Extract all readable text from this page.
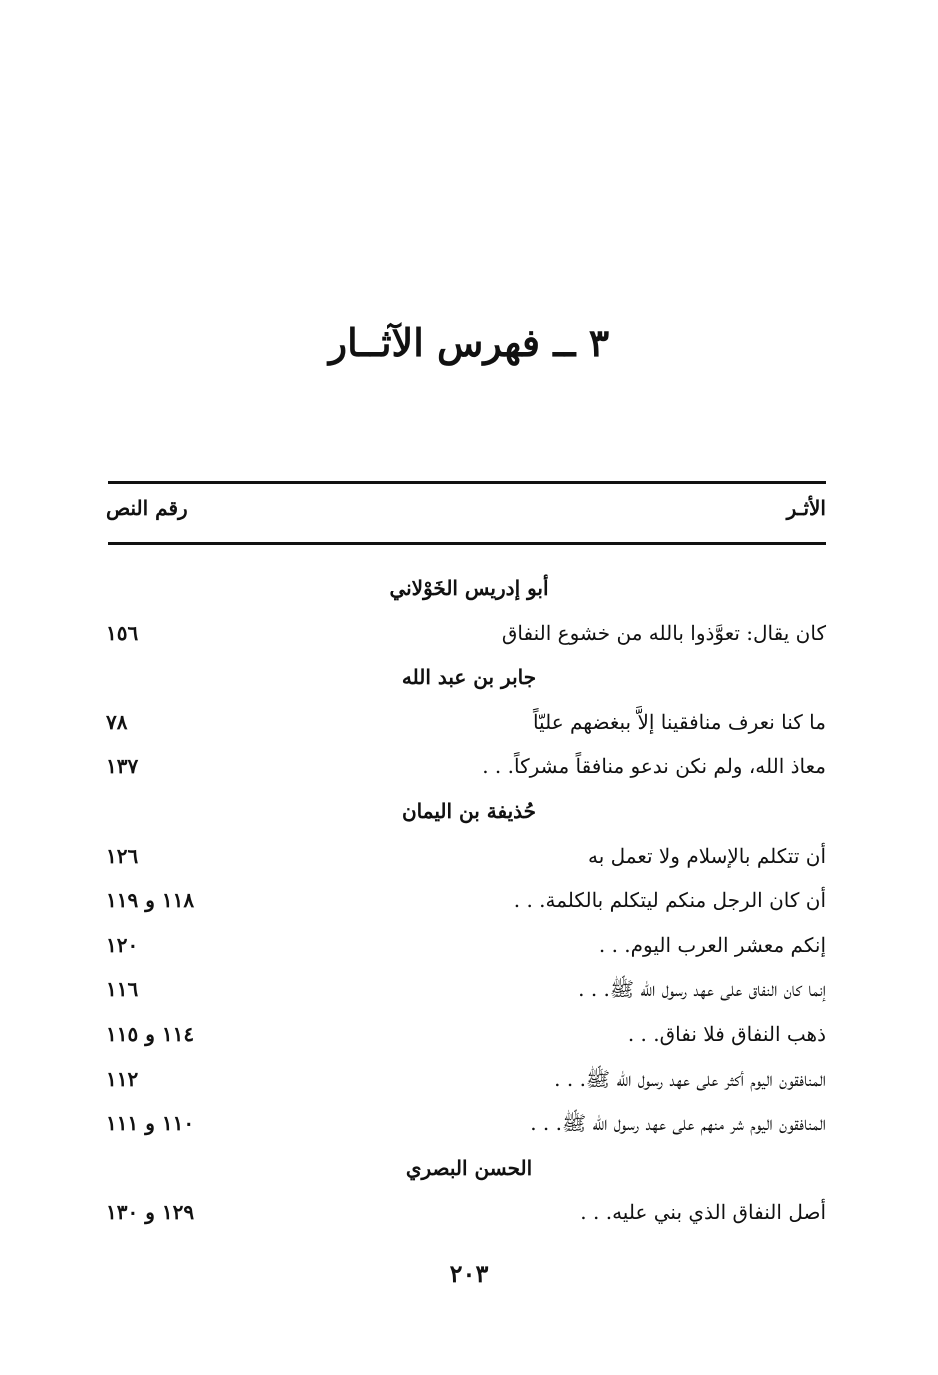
٣ ــ فهرس الآثــار
الأثـر
رقم النص
أبو إدريس الخَوْلاني
كان يقال: تعوَّذوا بالله من خشوع النفاق
١٥٦
جابر بن عبد الله
ما كنا نعرف منافقينا إلاَّ ببغضهم عليّاً
٧٨
معاذ الله، ولم نكن ندعو منافقاً مشركاً. . .
١٣٧
حُذيفة بن اليمان
أن تتكلم بالإسلام ولا تعمل به
١٢٦
أن كان الرجل منكم ليتكلم بالكلمة. . .
١١٨ و ١١٩
إنكم معشر العرب اليوم. . .
١٢٠
إنما كان النفاق على عهد رسول الله ﷺ. . .
١١٦
ذهب النفاق فلا نفاق. . .
١١٤ و ١١٥
المنافقون اليوم أكثر على عهد رسول الله ﷺ. . .
١١٢
المنافقون اليوم شر منهم على عهد رسول الله ﷺ. . .
١١٠ و ١١١
الحسن البصري
أصل النفاق الذي بني عليه. . .
١٢٩ و ١٣٠
٢٠٣
